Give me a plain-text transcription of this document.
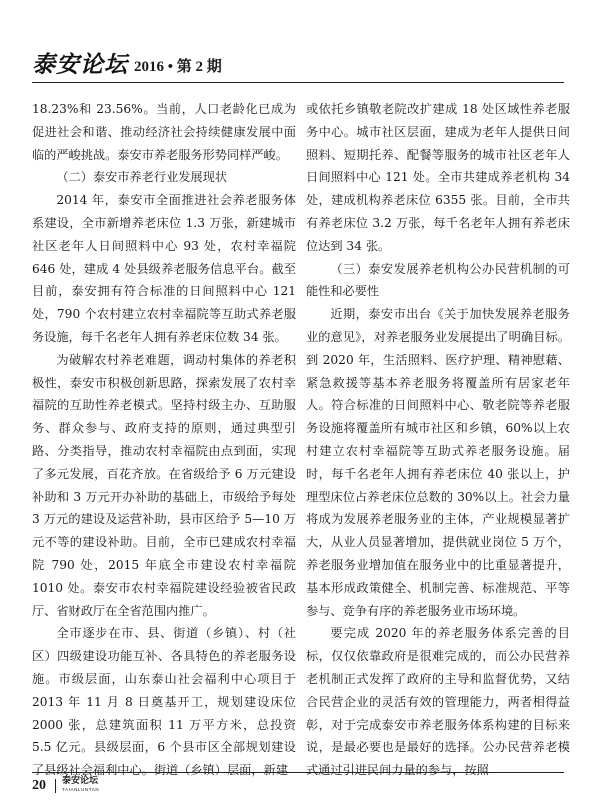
泰安论坛 2016 • 第 2 期

18.23%和 23.56%。当前，人口老龄化已成为促进社会和谐、推动经济社会持续健康发展中面临的严峻挑战。泰安市养老服务形势同样严峻。

（二）泰安市养老行业发展现状

2014 年，泰安市全面推进社会养老服务体系建设，全市新增养老床位 1.3 万张，新建城市社区老年人日间照料中心 93 处，农村幸福院 646 处，建成 4 处县级养老服务信息平台。截至目前，泰安拥有符合标准的日间照料中心 121 处，790 个农村建立农村幸福院等互助式养老服务设施，每千名老年人拥有养老床位数 34 张。

为破解农村养老难题，调动村集体的养老积极性，泰安市积极创新思路，探索发展了农村幸福院的互助性养老模式。坚持村级主办、互助服务、群众参与、政府支持的原则，通过典型引路、分类指导，推动农村幸福院由点到面，实现了多元发展，百花齐放。在省级给予 6 万元建设补助和 3 万元开办补助的基础上，市级给予每处 3 万元的建设及运营补助，县市区给予 5—10 万元不等的建设补助。目前，全市已建成农村幸福院 790 处，2015 年底全市建设农村幸福院 1010 处。泰安市农村幸福院建设经验被省民政厅、省财政厅在全省范围内推广。

全市逐步在市、县、街道（乡镇）、村（社区）四级建设功能互补、各具特色的养老服务设施。市级层面，山东泰山社会福利中心项目于 2013 年 11 月 8 日奠基开工，规划建设床位 2000 张，总建筑面积 11 万平方米，总投资 5.5 亿元。县级层面，6 个县市区全部规划建设了县级社会福利中心。街道（乡镇）层面，新建

或依托乡镇敬老院改扩建成 18 处区域性养老服务中心。城市社区层面，建成为老年人提供日间照料、短期托养、配餐等服务的城市社区老年人日间照料中心 121 处。全市共建成养老机构 34 处，建成机构养老床位 6355 张。目前，全市共有养老床位 3.2 万张，每千名老年人拥有养老床位达到 34 张。

（三）泰安发展养老机构公办民营机制的可能性和必要性

近期，泰安市出台《关于加快发展养老服务业的意见》，对养老服务业发展提出了明确目标。到 2020 年，生活照料、医疗护理、精神慰藉、紧急救援等基本养老服务将覆盖所有居家老年人。符合标准的日间照料中心、敬老院等养老服务设施将覆盖所有城市社区和乡镇，60%以上农村建立农村幸福院等互助式养老服务设施。届时，每千名老年人拥有养老床位 40 张以上，护理型床位占养老床位总数的 30%以上。社会力量将成为发展养老服务业的主体，产业规模显著扩大，从业人员显著增加，提供就业岗位 5 万个，养老服务业增加值在服务业中的比重显著提升，基本形成政策健全、机制完善、标准规范、平等参与、竞争有序的养老服务业市场环境。

要完成 2020 年的养老服务体系完善的目标，仅仅依靠政府是很难完成的，而公办民营养老机制正式发挥了政府的主导和监督优势，又结合民营企业的灵活有效的管理能力，两者相得益彰，对于完成泰安市养老服务体系构建的目标来说，是最必要也是最好的选择。公办民营养老模式通过引进民间力量的参与，按照

20 泰安论坛
TAIANLUNTAN
